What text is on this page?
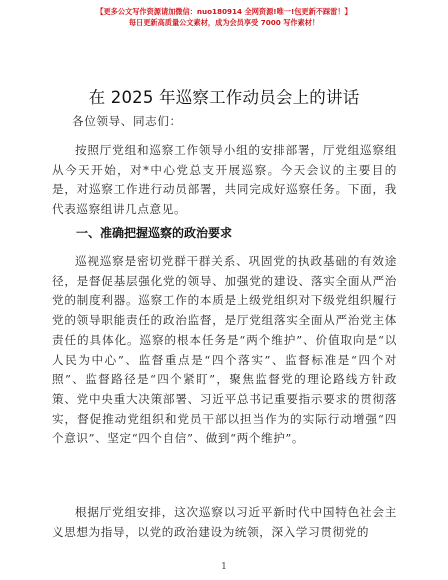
【更多公文写作资源请加微信：nuo180914 全网资源!唯一!包更新不踩雷！】
每日更新高质量公文素材，成为会员享受 7000 写作素材！
在 2025 年巡察工作动员会上的讲话
各位领导、同志们：
按照厅党组和巡察工作领导小组的安排部署，厅党组巡察组从今天开始，对*中心党总支开展巡察。今天会议的主要目的是，对巡察工作进行动员部署，共同完成好巡察任务。下面，我代表巡察组讲几点意见。
一、准确把握巡察的政治要求
巡视巡察是密切党群干群关系、巩固党的执政基础的有效途径，是督促基层强化党的领导、加强党的建设、落实全面从严治党的制度利器。巡察工作的本质是上级党组织对下级党组织履行党的领导职能责任的政治监督，是厅党组落实全面从严治党主体责任的具体化。巡察的根本任务是“两个维护”、价值取向是“以人民为中心”、监督重点是“四个落实”、监督标准是“四个对照”、监督路径是“四个紧盯”，聚焦监督党的理论路线方针政策、党中央重大决策部署、习近平总书记重要指示要求的贯彻落实，督促推动党组织和党员干部以担当作为的实际行动增强“四个意识”、坚定“四个自信”、做到“两个维护”。
根据厅党组安排，这次巡察以习近平新时代中国特色社会主义思想为指导，以党的政治建设为统领，深入学习贯彻党的
1
